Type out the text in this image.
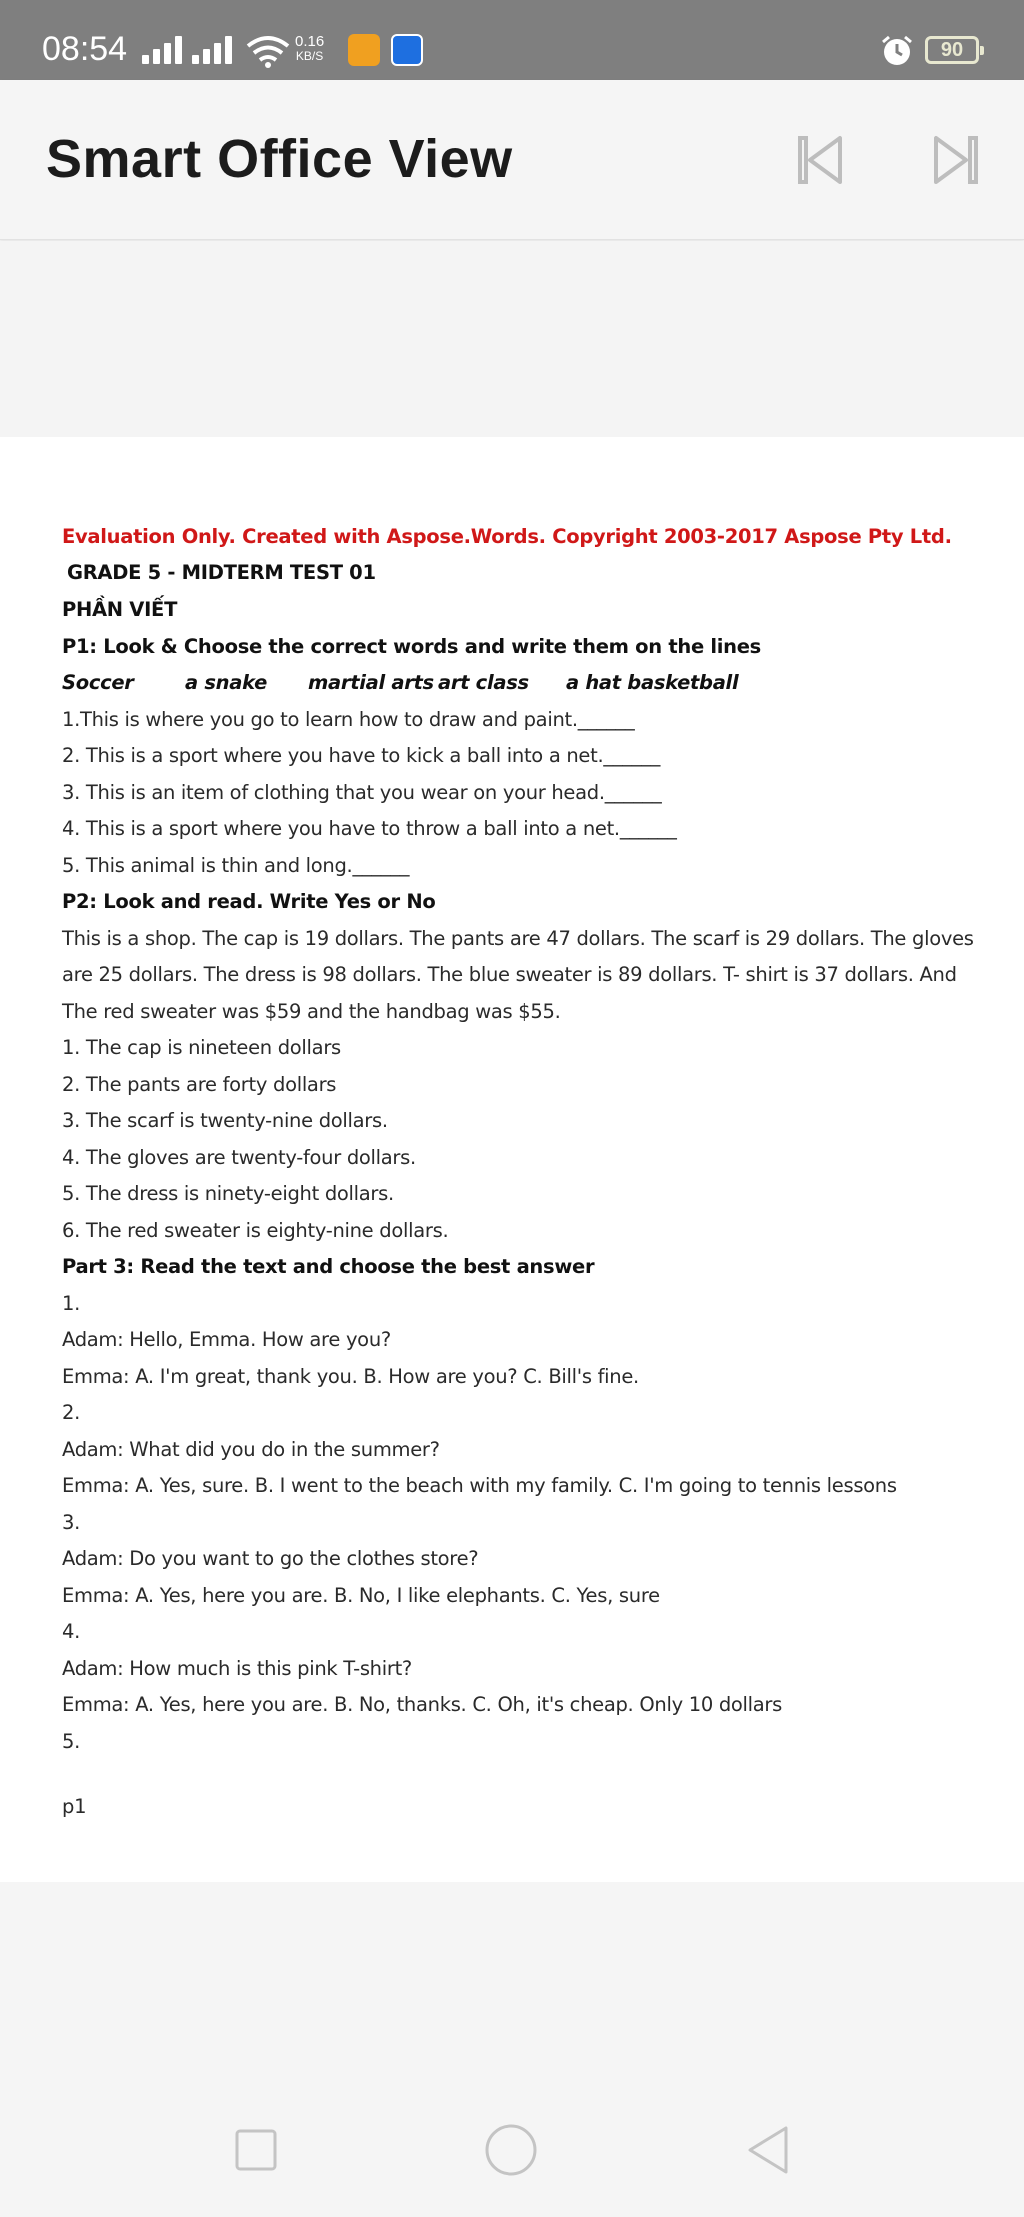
08:54	0.16
KB/S	90
Smart Office View
Evaluation Only. Created with Aspose.Words. Copyright 2003-2017 Aspose Pty Ltd.
GRADE 5 - MIDTERM TEST 01
PHẦN VIẾT
P1: Look & Choose the correct words and write them on the lines
Soccer	a snake martial arts art class a hat basketball
1.This is where you go to learn how to draw and paint.______
2. This is a sport where you have to kick a ball into a net.______
3. This is an item of clothing that you wear on your head.______
4. This is a sport where you have to throw a ball into a net.______
5. This animal is thin and long.______
P2: Look and read. Write Yes or No
This is a shop. The cap is 19 dollars. The pants are 47 dollars. The scarf is 29 dollars. The gloves
are 25 dollars. The dress is 98 dollars. The blue sweater is 89 dollars. T- shirt is 37 dollars. And
The red sweater was $59 and the handbag was $55.
1. The cap is nineteen dollars
2. The pants are forty dollars
3. The scarf is twenty-nine dollars.
4. The gloves are twenty-four dollars.
5. The dress is ninety-eight dollars.
6. The red sweater is eighty-nine dollars.
Part 3: Read the text and choose the best answer
1.
Adam: Hello, Emma. How are you?
Emma: A. I'm great, thank you. B. How are you? C. Bill's fine.
2.
Adam: What did you do in the summer?
Emma: A. Yes, sure. B. I went to the beach with my family. C. I'm going to tennis lessons
3.
Adam: Do you want to go the clothes store?
Emma: A. Yes, here you are. B. No, I like elephants. C. Yes, sure
4.
Adam: How much is this pink T-shirt?
Emma: A. Yes, here you are. B. No, thanks. C. Oh, it's cheap. Only 10 dollars
5.
p1
